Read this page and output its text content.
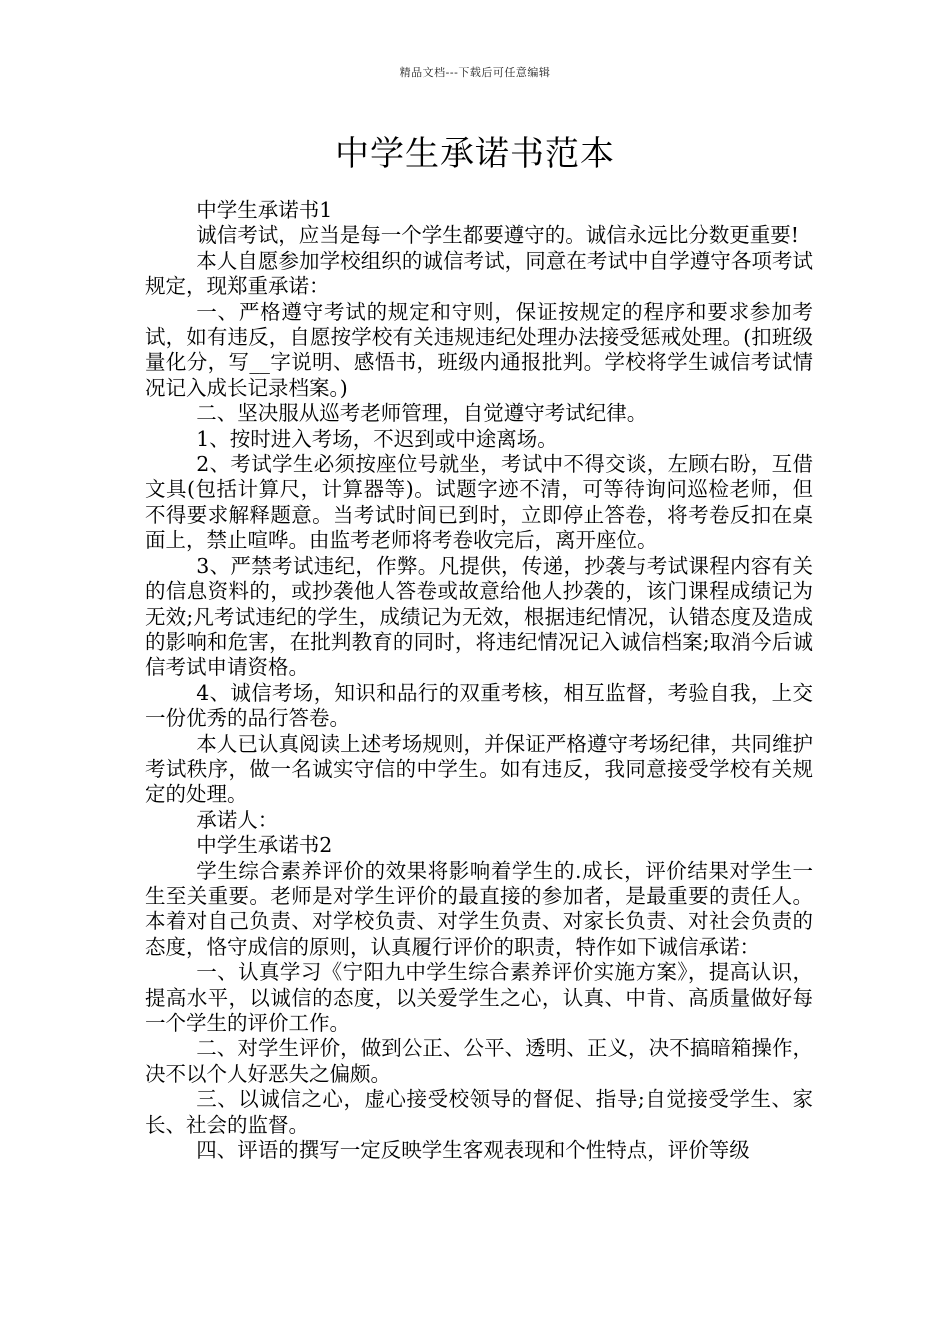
精品文档---下载后可任意编辑
中学生承诺书范本

中学生承诺书1

诚信考试，应当是每一个学生都要遵守的。诚信永远比分数更重要!

本人自愿参加学校组织的诚信考试，同意在考试中自学遵守各项考试规定，现郑重承诺：

一、严格遵守考试的规定和守则，保证按规定的程序和要求参加考试，如有违反，自愿按学校有关违规违纪处理办法接受惩戒处理。(扣班级量化分，写__字说明、感悟书，班级内通报批判。学校将学生诚信考试情况记入成长记录档案。)

二、坚决服从巡考老师管理，自觉遵守考试纪律。

1、按时进入考场，不迟到或中途离场。

2、考试学生必须按座位号就坐，考试中不得交谈，左顾右盼，互借文具(包括计算尺，计算器等)。试题字迹不清，可等待询问巡检老师，但不得要求解释题意。当考试时间已到时，立即停止答卷，将考卷反扣在桌面上，禁止喧哗。由监考老师将考卷收完后，离开座位。

3、严禁考试违纪，作弊。凡提供，传递，抄袭与考试课程内容有关的信息资料的，或抄袭他人答卷或故意给他人抄袭的，该门课程成绩记为无效;凡考试违纪的学生，成绩记为无效，根据违纪情况，认错态度及造成的影响和危害，在批判教育的同时，将违纪情况记入诚信档案;取消今后诚信考试申请资格。

4、诚信考场，知识和品行的双重考核，相互监督，考验自我，上交一份优秀的品行答卷。

本人已认真阅读上述考场规则，并保证严格遵守考场纪律，共同维护考试秩序，做一名诚实守信的中学生。如有违反，我同意接受学校有关规定的处理。

承诺人：

中学生承诺书2

学生综合素养评价的效果将影响着学生的.成长，评价结果对学生一生至关重要。老师是对学生评价的最直接的参加者，是最重要的责任人。本着对自己负责、对学校负责、对学生负责、对家长负责、对社会负责的态度，恪守成信的原则，认真履行评价的职责，特作如下诚信承诺：

一、认真学习《宁阳九中学生综合素养评价实施方案》，提高认识，提高水平，以诚信的态度，以关爱学生之心，认真、中肯、高质量做好每一个学生的评价工作。

二、对学生评价，做到公正、公平、透明、正义，决不搞暗箱操作，决不以个人好恶失之偏颇。

三、以诚信之心，虚心接受校领导的督促、指导;自觉接受学生、家长、社会的监督。

四、评语的撰写一定反映学生客观表现和个性特点，评价等级
